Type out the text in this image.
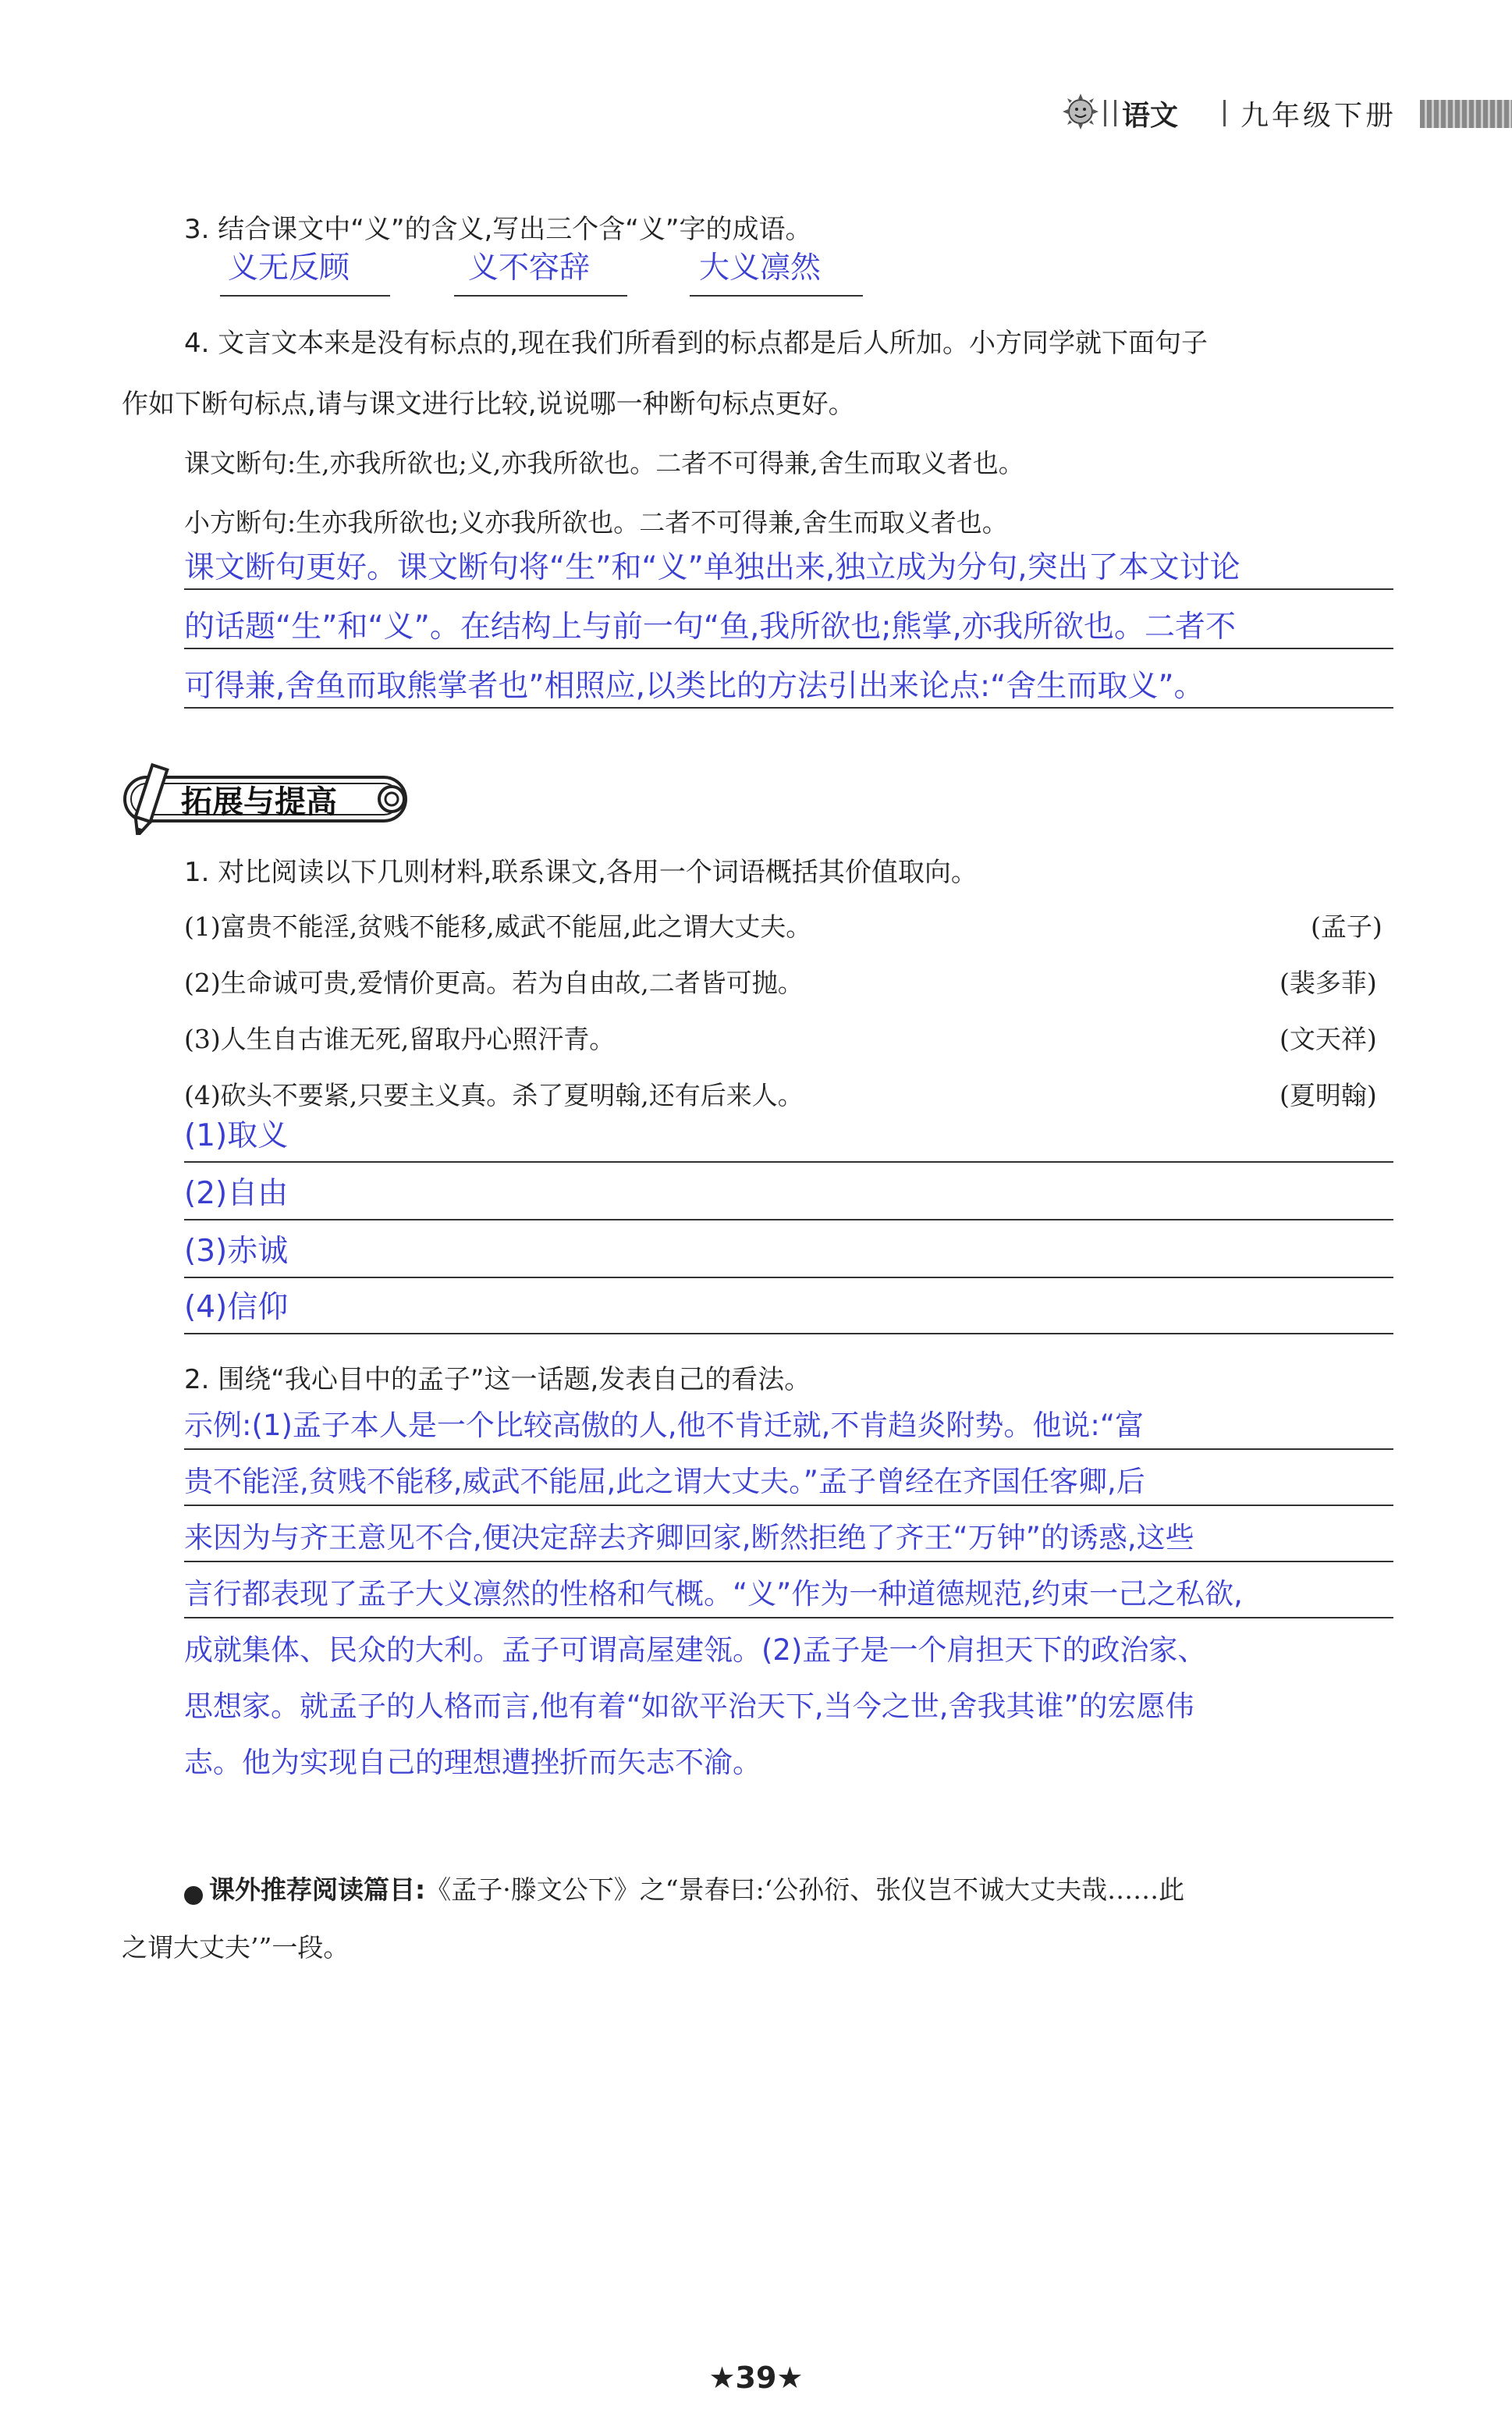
语文 九年级下册
3. 结合课文中“义”的含义,写出三个含“义”字的成语。
义无反顾	义不容辞	大义凛然
4. 文言文本来是没有标点的,现在我们所看到的标点都是后人所加。小方同学就下面句子
作如下断句标点,请与课文进行比较,说说哪一种断句标点更好。
课文断句:生,亦我所欲也;义,亦我所欲也。二者不可得兼,舍生而取义者也。
小方断句:生亦我所欲也;义亦我所欲也。二者不可得兼,舍生而取义者也。
课文断句更好。课文断句将“生”和“义”单独出来,独立成为分句,突出了本文讨论
的话题“生”和“义”。在结构上与前一句“鱼,我所欲也;熊掌,亦我所欲也。二者不
可得兼,舍鱼而取熊掌者也”相照应,以类比的方法引出来论点:“舍生而取义”。
拓展与提高
1. 对比阅读以下几则材料,联系课文,各用一个词语概括其价值取向。
(1)富贵不能淫,贫贱不能移,威武不能屈,此之谓大丈夫。	(孟子)
(2)生命诚可贵,爱情价更高。若为自由故,二者皆可抛。	(裴多菲)
(3)人生自古谁无死,留取丹心照汗青。	(文天祥)
(4)砍头不要紧,只要主义真。杀了夏明翰,还有后来人。	(夏明翰)
(1)取义
(2)自由
(3)赤诚
(4)信仰
2. 围绕“我心目中的孟子”这一话题,发表自己的看法。
示例:(1)孟子本人是一个比较高傲的人,他不肯迁就,不肯趋炎附势。他说:“富
贵不能淫,贫贱不能移,威武不能屈,此之谓大丈夫。”孟子曾经在齐国任客卿,后
来因为与齐王意见不合,便决定辞去齐卿回家,断然拒绝了齐王“万钟”的诱惑,这些
言行都表现了孟子大义凛然的性格和气概。“义”作为一种道德规范,约束一己之私欲,
成就集体、民众的大利。孟子可谓高屋建瓴。(2)孟子是一个肩担天下的政治家、
思想家。就孟子的人格而言,他有着“如欲平治天下,当今之世,舍我其谁”的宏愿伟
志。他为实现自己的理想遭挫折而矢志不渝。
课外推荐阅读篇目:《孟子·滕文公下》之“景春曰:‘公孙衍、张仪岂不诚大丈夫哉……此
之谓大丈夫’”一段。
★39★
